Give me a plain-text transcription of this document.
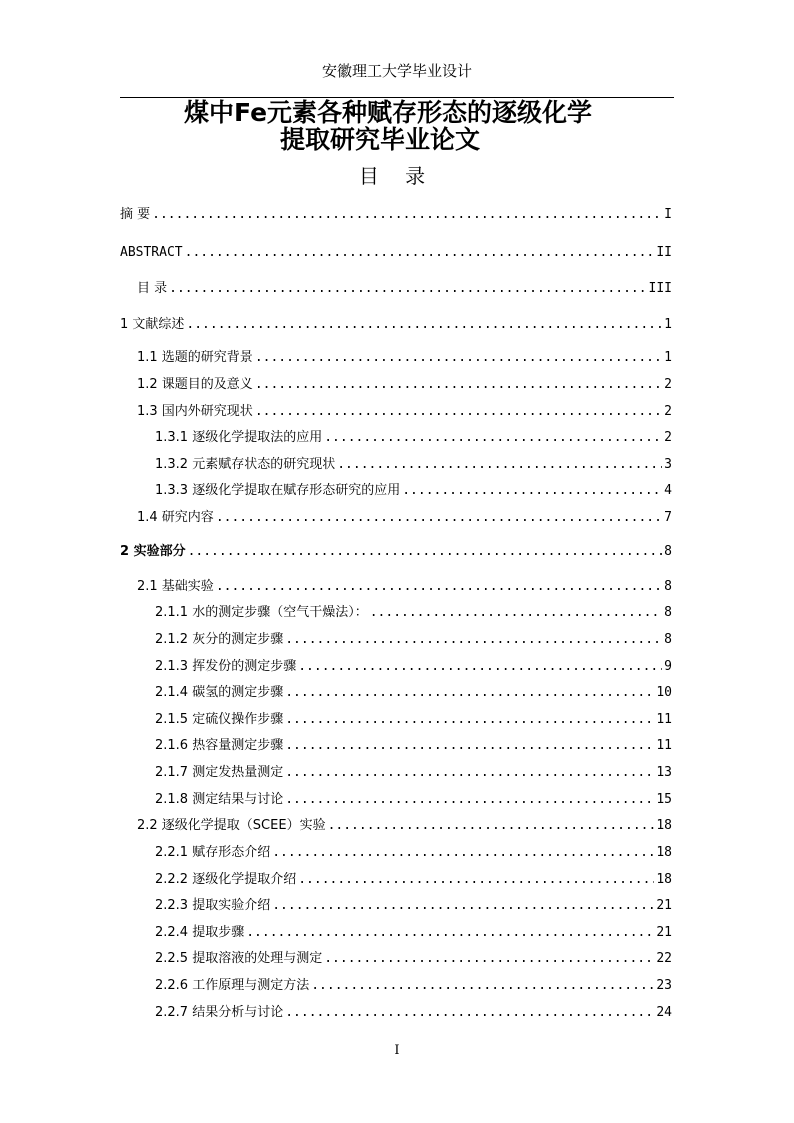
安徽理工大学毕业设计
煤中Fe元素各种赋存形态的逐级化学
提取研究毕业论文
目 录
摘 要 .....	I
ABSTRACT .....	II
目 录 .....	III
1 文献综述 .....	1
1.1 选题的研究背景 .....	1
1.2 课题目的及意义 .....	2
1.3 国内外研究现状 .....	2
1.3.1 逐级化学提取法的应用 .....	2
1.3.2 元素赋存状态的研究现状 .....	3
1.3.3 逐级化学提取在赋存形态研究的应用 .....	4
1.4 研究内容 .....	7
2 实验部分 .....	8
2.1 基础实验 .....	8
2.1.1 水的测定步骤（空气干燥法）： .....	8
2.1.2 灰分的测定步骤 .....	8
2.1.3 挥发份的测定步骤 .....	9
2.1.4 碳氢的测定步骤 .....	10
2.1.5 定硫仪操作步骤 .....	11
2.1.6 热容量测定步骤 .....	11
2.1.7 测定发热量测定 .....	13
2.1.8 测定结果与讨论 .....	15
2.2 逐级化学提取（SCEE）实验 .....	18
2.2.1 赋存形态介绍 .....	18
2.2.2 逐级化学提取介绍 .....	18
2.2.3 提取实验介绍 .....	21
2.2.4 提取步骤 .....	21
2.2.5 提取溶液的处理与测定 .....	22
2.2.6 工作原理与测定方法 .....	23
2.2.7 结果分析与讨论 .....	24
I
